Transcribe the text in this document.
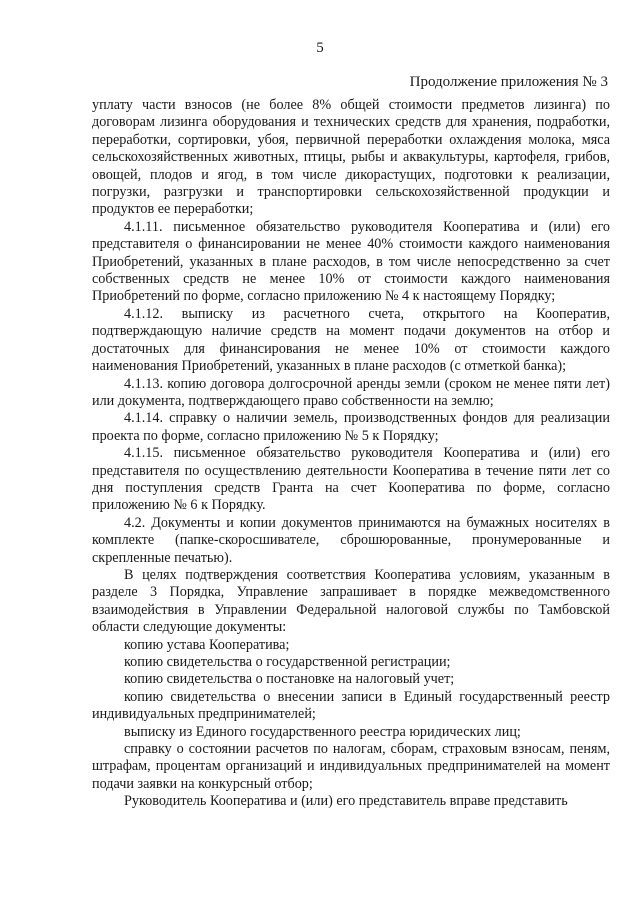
5
Продолжение приложения № 3

уплату части взносов (не более 8% общей стоимости предметов лизинга) по договорам лизинга оборудования и технических средств для хранения, подработки, переработки, сортировки, убоя, первичной переработки охлаждения молока, мяса сельскохозяйственных животных, птицы, рыбы и аквакультуры, картофеля, грибов, овощей, плодов и ягод, в том числе дикорастущих, подготовки к реализации, погрузки, разгрузки и транспортировки сельскохозяйственной продукции и продуктов ее переработки;

4.1.11. письменное обязательство руководителя Кооператива и (или) его представителя о финансировании не менее 40% стоимости каждого наименования Приобретений, указанных в плане расходов, в том числе непосредственно за счет собственных средств не менее 10% от стоимости каждого наименования Приобретений по форме, согласно приложению № 4 к настоящему Порядку;

4.1.12. выписку из расчетного счета, открытого на Кооператив, подтверждающую наличие средств на момент подачи документов на отбор и достаточных для финансирования не менее 10% от стоимости каждого наименования Приобретений, указанных в плане расходов (с отметкой банка);

4.1.13. копию договора долгосрочной аренды земли (сроком не менее пяти лет) или документа, подтверждающего право собственности на землю;

4.1.14. справку о наличии земель, производственных фондов для реализации проекта по форме, согласно приложению № 5 к Порядку;

4.1.15. письменное обязательство руководителя Кооператива и (или) его представителя по осуществлению деятельности Кооператива в течение пяти лет со дня поступления средств Гранта на счет Кооператива по форме, согласно приложению № 6 к Порядку.

4.2. Документы и копии документов принимаются на бумажных носителях в комплекте (папке-скоросшивателе, сброшюрованные, пронумерованные и скрепленные печатью).

В целях подтверждения соответствия Кооператива условиям, указанным в разделе 3 Порядка, Управление запрашивает в порядке межведомственного взаимодействия в Управлении Федеральной налоговой службы по Тамбовской области следующие документы:

копию устава Кооператива;

копию свидетельства о государственной регистрации;

копию свидетельства о постановке на налоговый учет;

копию свидетельства о внесении записи в Единый государственный реестр индивидуальных предпринимателей;

выписку из Единого государственного реестра юридических лиц;

справку о состоянии расчетов по налогам, сборам, страховым взносам, пеням, штрафам, процентам организаций и индивидуальных предпринимателей на момент подачи заявки на конкурсный отбор;

Руководитель Кооператива и (или) его представитель вправе представить
